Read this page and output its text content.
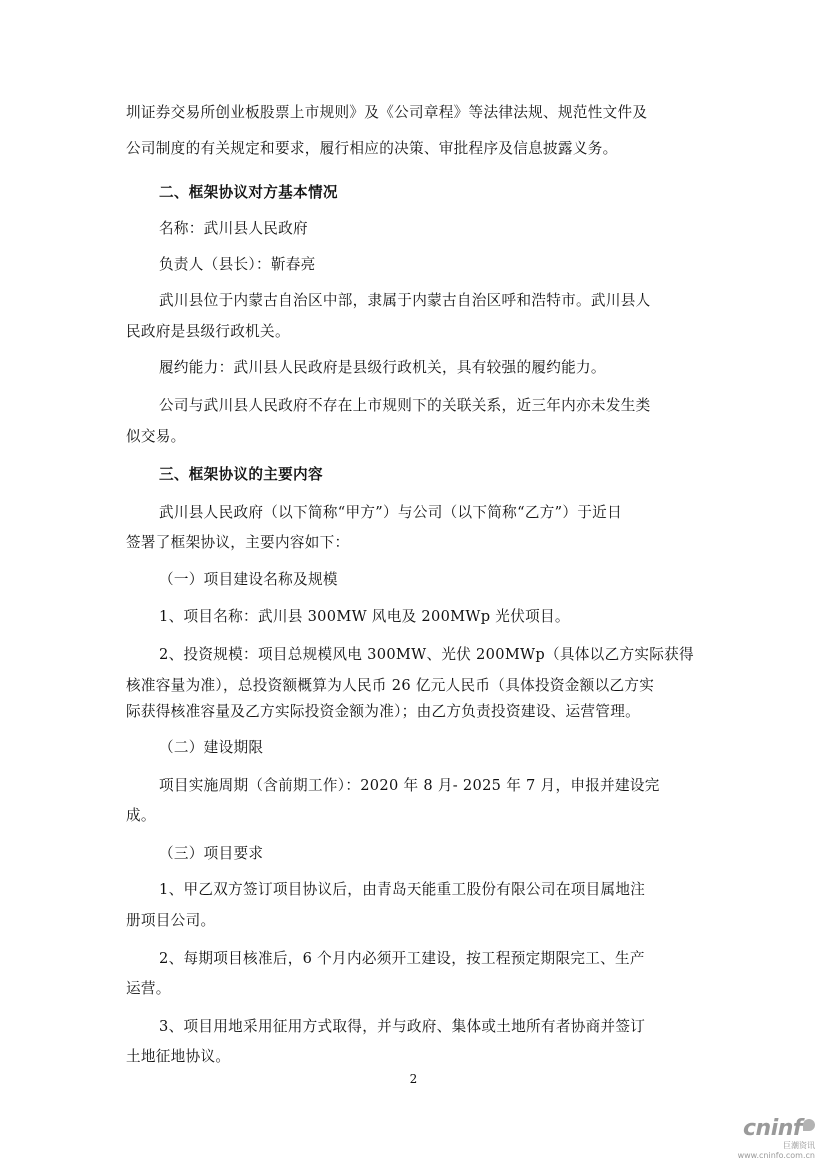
圳证券交易所创业板股票上市规则》及《公司章程》等法律法规、规范性文件及
公司制度的有关规定和要求，履行相应的决策、审批程序及信息披露义务。
二、框架协议对方基本情况
名称：武川县人民政府
负责人（县长）：靳春亮
武川县位于内蒙古自治区中部，隶属于内蒙古自治区呼和浩特市。武川县人
民政府是县级行政机关。
履约能力：武川县人民政府是县级行政机关，具有较强的履约能力。
公司与武川县人民政府不存在上市规则下的关联关系，近三年内亦未发生类
似交易。
三、框架协议的主要内容
武川县人民政府（以下简称“甲方”）与公司（以下简称“乙方”）于近日
签署了框架协议，主要内容如下：
（一）项目建设名称及规模
1、项目名称：武川县 300MW 风电及 200MWp 光伏项目。
2、投资规模：项目总规模风电 300MW、光伏 200MWp（具体以乙方实际获得
核准容量为准），总投资额概算为人民币 26 亿元人民币（具体投资金额以乙方实
际获得核准容量及乙方实际投资金额为准）；由乙方负责投资建设、运营管理。
（二）建设期限
项目实施周期（含前期工作）：2020 年 8 月- 2025 年 7 月，申报并建设完
成。
（三）项目要求
1、甲乙双方签订项目协议后，由青岛天能重工股份有限公司在项目属地注
册项目公司。
2、每期项目核准后，6 个月内必须开工建设，按工程预定期限完工、生产
运营。
3、项目用地采用征用方式取得，并与政府、集体或土地所有者协商并签订
土地征地协议。
2
cninf
巨潮资讯
www.cninfo.com.cn
